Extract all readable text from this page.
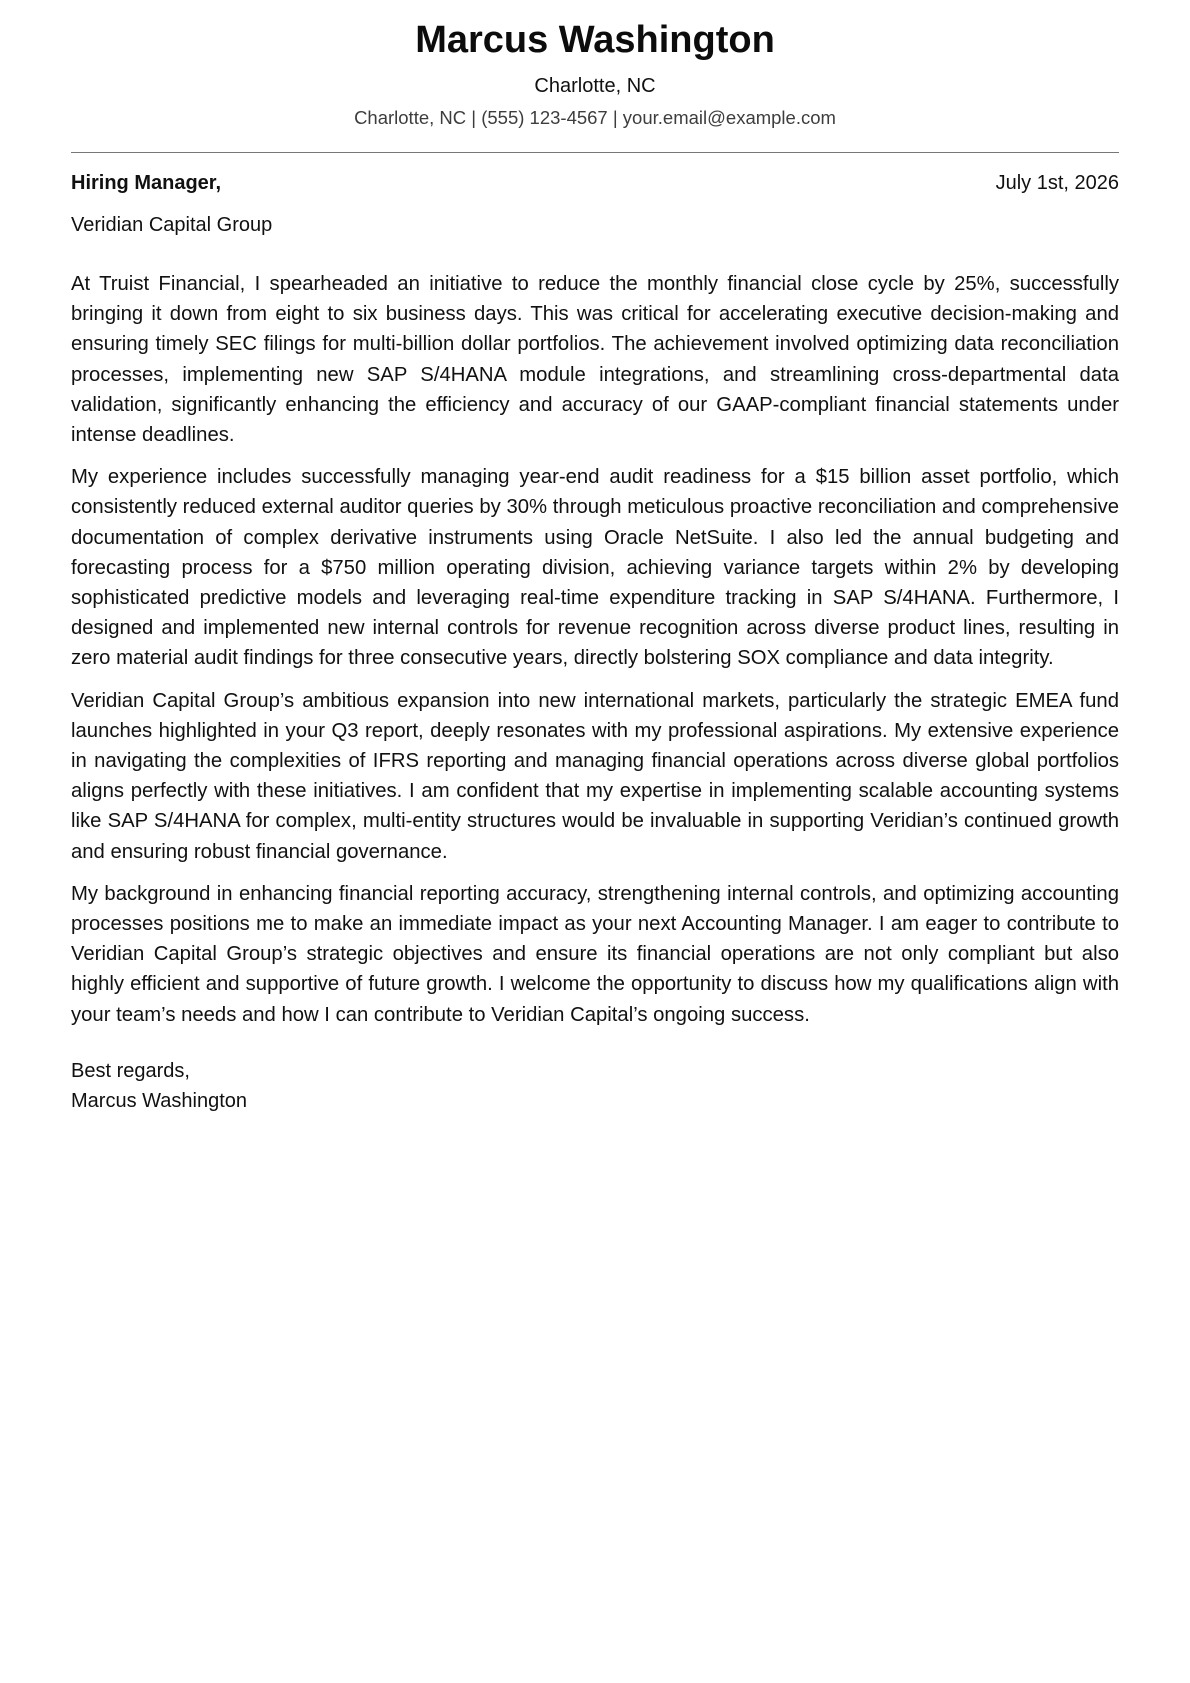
Marcus Washington
Charlotte, NC
Charlotte, NC | (555) 123-4567 | your.email@example.com
Hiring Manager,	July 1st, 2026
Veridian Capital Group

At Truist Financial, I spearheaded an initiative to reduce the monthly financial close cycle by 25%, successfully bringing it down from eight to six business days. This was critical for accelerating executive decision-making and ensuring timely SEC filings for multi-billion dollar portfolios. The achievement involved optimizing data reconciliation processes, implementing new SAP S/4HANA module integrations, and streamlining cross-departmental data validation, significantly enhancing the efficiency and accuracy of our GAAP-compliant financial statements under intense deadlines.

My experience includes successfully managing year-end audit readiness for a $15 billion asset portfolio, which consistently reduced external auditor queries by 30% through meticulous proactive reconciliation and comprehensive documentation of complex derivative instruments using Oracle NetSuite. I also led the annual budgeting and forecasting process for a $750 million operating division, achieving variance targets within 2% by developing sophisticated predictive models and leveraging real-time expenditure tracking in SAP S/4HANA. Furthermore, I designed and implemented new internal controls for revenue recognition across diverse product lines, resulting in zero material audit findings for three consecutive years, directly bolstering SOX compliance and data integrity.

Veridian Capital Group’s ambitious expansion into new international markets, particularly the strategic EMEA fund launches highlighted in your Q3 report, deeply resonates with my professional aspirations. My extensive experience in navigating the complexities of IFRS reporting and managing financial operations across diverse global portfolios aligns perfectly with these initiatives. I am confident that my expertise in implementing scalable accounting systems like SAP S/4HANA for complex, multi-entity structures would be invaluable in supporting Veridian’s continued growth and ensuring robust financial governance.

My background in enhancing financial reporting accuracy, strengthening internal controls, and optimizing accounting processes positions me to make an immediate impact as your next Accounting Manager. I am eager to contribute to Veridian Capital Group’s strategic objectives and ensure its financial operations are not only compliant but also highly efficient and supportive of future growth. I welcome the opportunity to discuss how my qualifications align with your team’s needs and how I can contribute to Veridian Capital’s ongoing success.

Best regards,
Marcus Washington
